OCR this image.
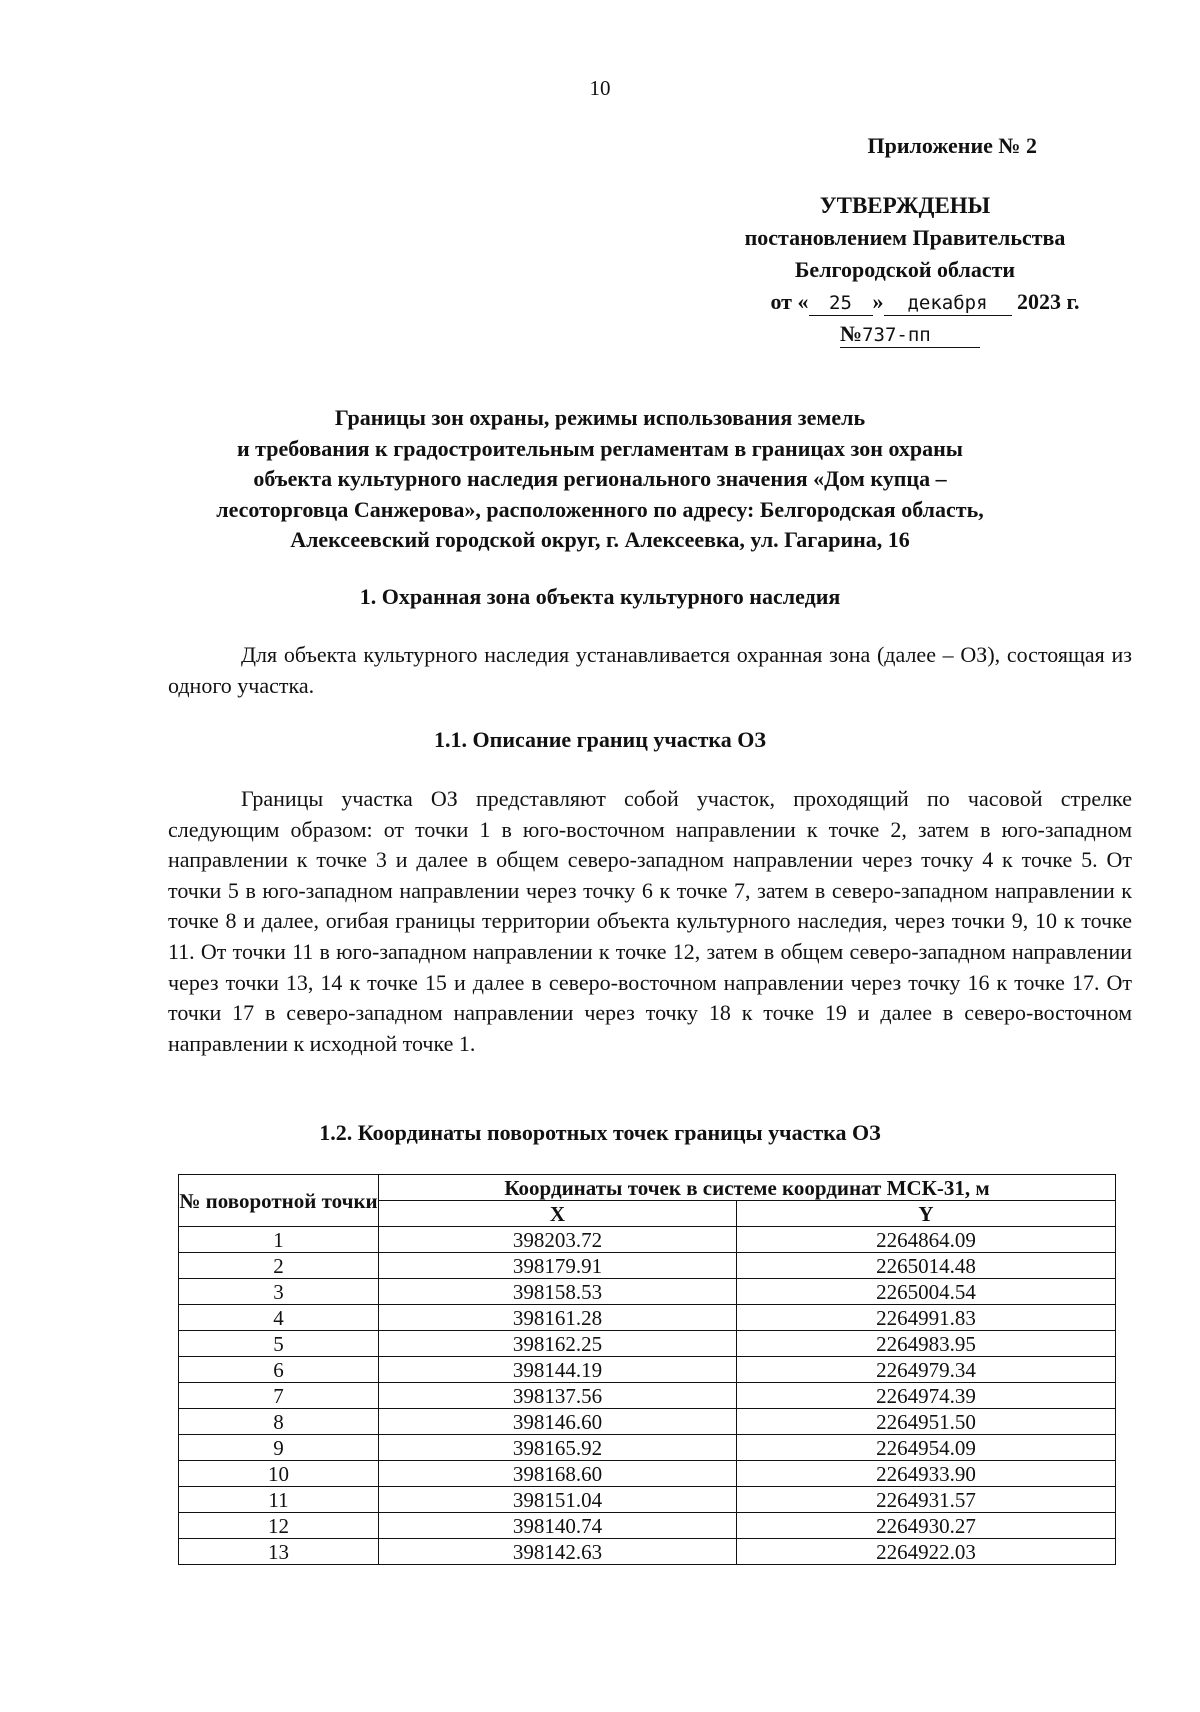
10
Приложение № 2
УТВЕРЖДЕНЫ
постановлением Правительства
Белгородской области
от « 25 » декабря 2023 г.
№737-пп
Границы зон охраны, режимы использования земель
и требования к градостроительным регламентам в границах зон охраны
объекта культурного наследия регионального значения «Дом купца –
лесоторговца Санжерова», расположенного по адресу: Белгородская область,
Алексеевский городской округ, г. Алексеевка, ул. Гагарина, 16
1. Охранная зона объекта культурного наследия
Для объекта культурного наследия устанавливается охранная зона (далее – ОЗ), состоящая из одного участка.
1.1. Описание границ участка ОЗ
Границы участка ОЗ представляют собой участок, проходящий по часовой стрелке следующим образом: от точки 1 в юго-восточном направлении к точке 2, затем в юго-западном направлении к точке 3 и далее в общем северо-западном направлении через точку 4 к точке 5. От точки 5 в юго-западном направлении через точку 6 к точке 7, затем в северо-западном направлении к точке 8 и далее, огибая границы территории объекта культурного наследия, через точки 9, 10 к точке 11. От точки 11 в юго-западном направлении к точке 12, затем в общем северо-западном направлении через точки 13, 14 к точке 15 и далее в северо-восточном направлении через точку 16 к точке 17. От точки 17 в северо-западном направлении через точку 18 к точке 19 и далее в северо-восточном направлении к исходной точке 1.
1.2. Координаты поворотных точек границы участка ОЗ
№ поворотной точки	Координаты точек в системе координат МСК-31, м	
	X	Y
1	398203.72	2264864.09
2	398179.91	2265014.48
3	398158.53	2265004.54
4	398161.28	2264991.83
5	398162.25	2264983.95
6	398144.19	2264979.34
7	398137.56	2264974.39
8	398146.60	2264951.50
9	398165.92	2264954.09
10	398168.60	2264933.90
11	398151.04	2264931.57
12	398140.74	2264930.27
13	398142.63	2264922.03
